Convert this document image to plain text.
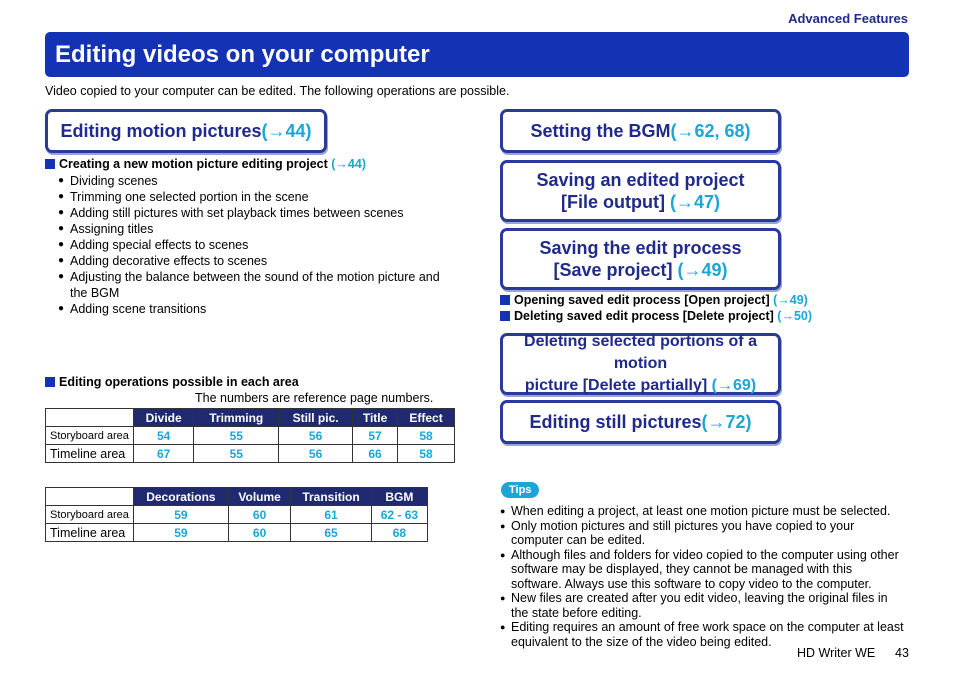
Advanced Features
Editing videos on your computer
Video copied to your computer can be edited. The following operations are possible.
Editing motion pictures (→44)
Creating a new motion picture editing project (→44)
● Dividing scenes
● Trimming one selected portion in the scene
● Adding still pictures with set playback times between scenes
● Assigning titles
● Adding special effects to scenes
● Adding decorative effects to scenes
● Adjusting the balance between the sound of the motion picture and the BGM
● Adding scene transitions
Editing operations possible in each area
The numbers are reference page numbers.
	Divide	Trimming	Still pic.	Title	Effect
Storyboard area	54	55	56	57	58
Timeline area	67	55	56	66	58
	Decorations	Volume	Transition	BGM
Storyboard area	59	60	61	62 - 63
Timeline area	59	60	65	68
Setting the BGM (→62, 68)
Saving an edited project
[File output] (→47)
Saving the edit process
[Save project] (→49)
Opening saved edit process [Open project] (→49)
Deleting saved edit process [Delete project] (→50)
Deleting selected portions of a motion
picture [Delete partially] (→69)
Editing still pictures (→72)
Tips
● When editing a project, at least one motion picture must be selected.
● Only motion pictures and still pictures you have copied to your computer can be edited.
● Although files and folders for video copied to the computer using other software may be displayed, they cannot be managed with this software. Always use this software to copy video to the computer.
● New files are created after you edit video, leaving the original files in the state before editing.
● Editing requires an amount of free work space on the computer at least equivalent to the size of the video being edited.
HD Writer WE 43
